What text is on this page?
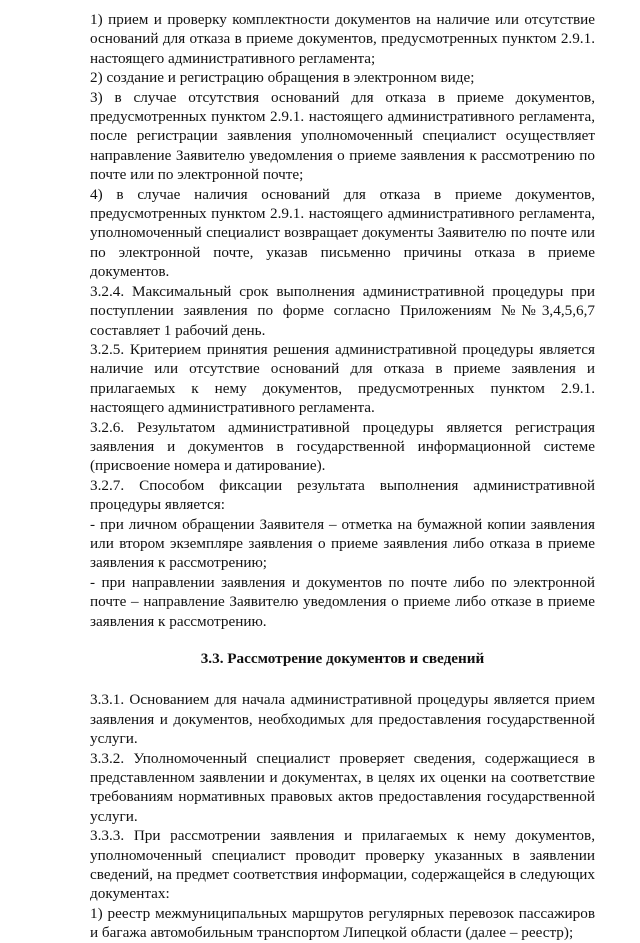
1) прием и проверку комплектности документов на наличие или отсутствие оснований для отказа в приеме документов, предусмотренных пунктом 2.9.1. настоящего административного регламента;

2) создание и регистрацию обращения в электронном виде;

3) в случае отсутствия оснований для отказа в приеме документов, предусмотренных пунктом 2.9.1. настоящего административного регламента, после регистрации заявления уполномоченный специалист осуществляет направление Заявителю уведомления о приеме заявления к рассмотрению по почте или по электронной почте;

4) в случае наличия оснований для отказа в приеме документов, предусмотренных пунктом 2.9.1. настоящего административного регламента, уполномоченный специалист возвращает документы Заявителю по почте или по электронной почте, указав письменно причины отказа в приеме документов.

3.2.4. Максимальный срок выполнения административной процедуры при поступлении заявления по форме согласно Приложениям №№3,4,5,6,7 составляет 1 рабочий день.

3.2.5. Критерием принятия решения административной процедуры является наличие или отсутствие оснований для отказа в приеме заявления и прилагаемых к нему документов, предусмотренных пунктом 2.9.1. настоящего административного регламента.

3.2.6. Результатом административной процедуры является регистрация заявления и документов в государственной информационной системе (присвоение номера и датирование).

3.2.7. Способом фиксации результата выполнения административной процедуры является:

- при личном обращении Заявителя – отметка на бумажной копии заявления или втором экземпляре заявления о приеме заявления либо отказа в приеме заявления к рассмотрению;

- при направлении заявления и документов по почте либо по электронной почте – направление Заявителю уведомления о приеме либо отказе в приеме заявления к рассмотрению.

3.3. Рассмотрение документов и сведений

3.3.1. Основанием для начала административной процедуры является прием заявления и документов, необходимых для предоставления государственной услуги.

3.3.2. Уполномоченный специалист проверяет сведения, содержащиеся в представленном заявлении и документах, в целях их оценки на соответствие требованиям нормативных правовых актов предоставления государственной услуги.

3.3.3. При рассмотрении заявления и прилагаемых к нему документов, уполномоченный специалист проводит проверку указанных в заявлении сведений, на предмет соответствия информации, содержащейся в следующих документах:

1) реестр межмуниципальных маршрутов регулярных перевозок пассажиров и багажа автомобильным транспортом Липецкой области (далее – реестр);
